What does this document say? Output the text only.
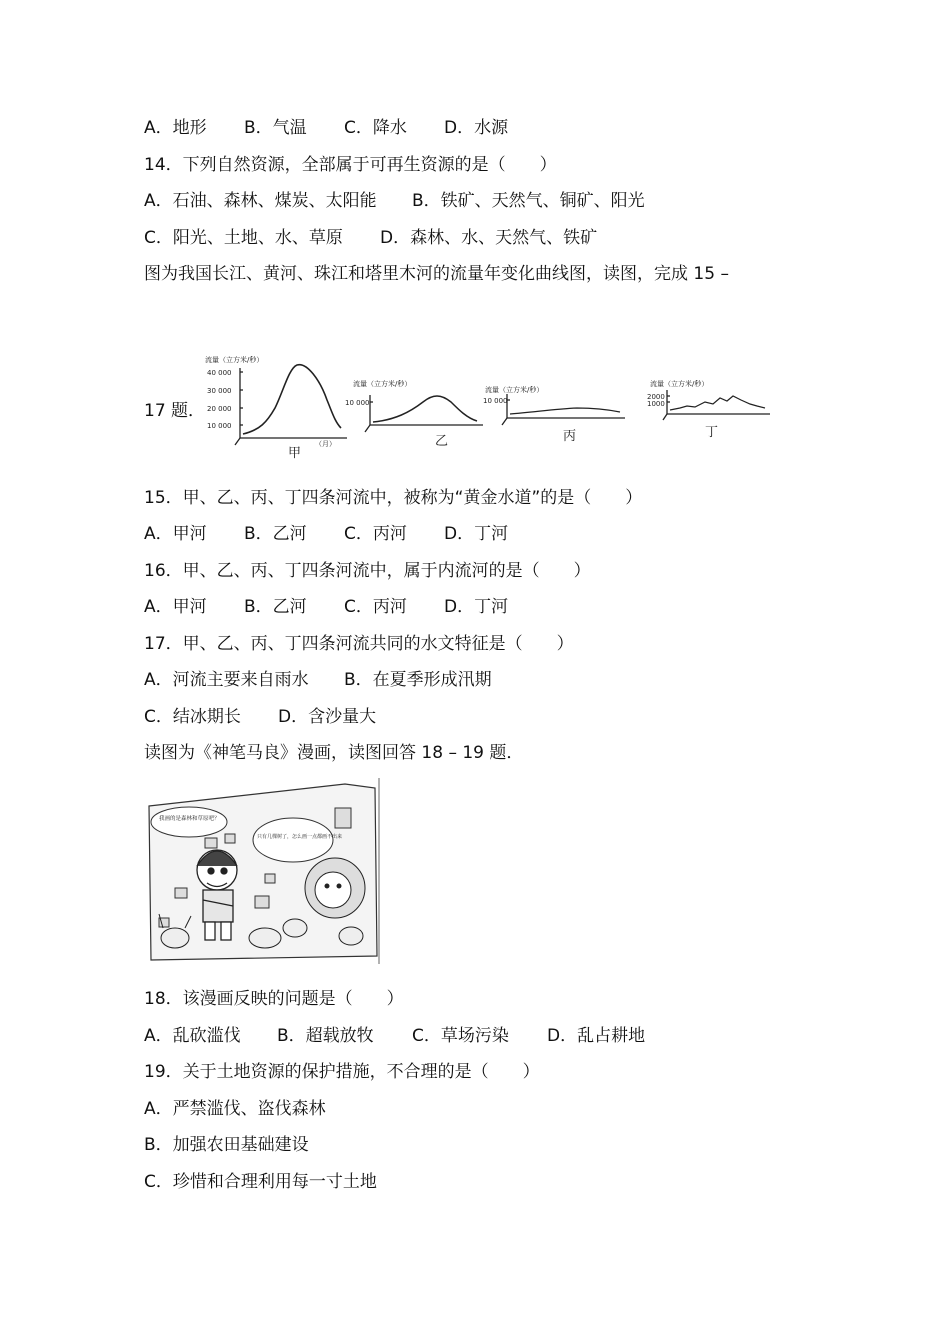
A．地形 B．气温 C．降水 D．水源
14．下列自然资源，全部属于可再生资源的是（　　）
A．石油、森林、煤炭、太阳能 B．铁矿、天然气、铜矿、阳光
C．阳光、土地、水、草原 D．森林、水、天然气、铁矿
图为我国长江、黄河、珠江和塔里木河的流量年变化曲线图，读图，完成 15 –
17 题．
流量（立方米/秒）
40 000
30 000
20 000
10 000
（月）
流量（立方米/秒）
10 000
流量（立方米/秒）
10 000
流量（立方米/秒）
2000
1000
甲
乙	丙	丁
15．甲、乙、丙、丁四条河流中，被称为“黄金水道”的是（　　）
A．甲河 B．乙河 C．丙河 D．丁河
16．甲、乙、丙、丁四条河流中，属于内流河的是（　　）
A．甲河 B．乙河 C．丙河 D．丁河
17．甲、乙、丙、丁四条河流共同的水文特征是（　　）
A．河流主要来自雨水 B．在夏季形成汛期
C．结冰期长 D．含沙量大
读图为《神笔马良》漫画，读图回答 18 – 19 题．
我画的是森林和草原吧？
只有几棵树了，怎么画一点都画不出来
18．该漫画反映的问题是（　　）
A．乱砍滥伐 B．超载放牧 C．草场污染 D．乱占耕地
19．关于土地资源的保护措施，不合理的是（　　）
A．严禁滥伐、盗伐森林
B．加强农田基础建设
C．珍惜和合理利用每一寸土地
